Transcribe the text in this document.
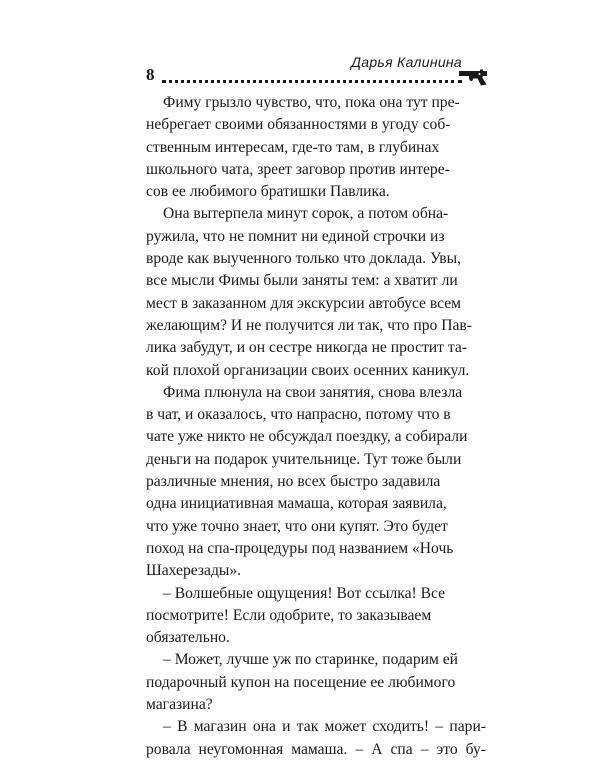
8
Дарья Калинина
Фиму грызло чувство, что, пока она тут пре-
небрегает своими обязанностями в угоду соб-
ственным интересам, где-то там, в глубинах
школьного чата, зреет заговор против интере-
сов ее любимого братишки Павлика.
Она вытерпела минут сорок, а потом обна-
ружила, что не помнит ни единой строчки из
вроде как выученного только что доклада. Увы,
все мысли Фимы были заняты тем: а хватит ли
мест в заказанном для экскурсии автобусе всем
желающим? И не получится ли так, что про Пав-
лика забудут, и он сестре никогда не простит та-
кой плохой организации своих осенних каникул.
Фима плюнула на свои занятия, снова влезла
в чат, и оказалось, что напрасно, потому что в
чате уже никто не обсуждал поездку, а собирали
деньги на подарок учительнице. Тут тоже были
различные мнения, но всех быстро задавила
одна инициативная мамаша, которая заявила,
что уже точно знает, что они купят. Это будет
поход на спа-процедуры под названием «Ночь
Шахерезады».
– Волшебные ощущения! Вот ссылка! Все
посмотрите! Если одобрите, то заказываем
обязательно.
– Может, лучше уж по старинке, подарим ей
подарочный купон на посещение ее любимого
магазина?
– В магазин она и так может сходить! – пари-
ровала неугомонная мамаша. – А спа – это бу-
